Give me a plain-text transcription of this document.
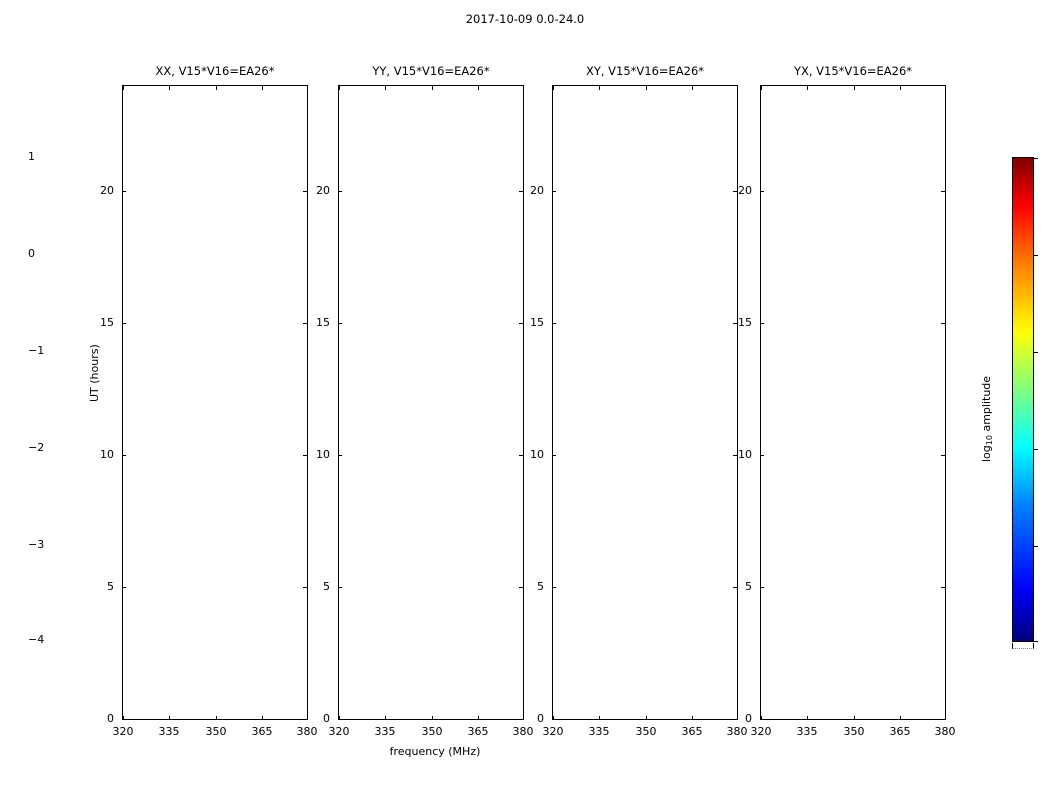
2017-10-09 0.0-24.0
XX, V15*V16=EA26*
320	335	350	365	380
0
5
10
15
20
YY, V15*V16=EA26*
320	335	350	365	380
0
5
10
15
20
XY, V15*V16=EA26*
320	335	350	365	380
0
5
10
15
20
YX, V15*V16=EA26*
320	335	350	365	380
0
5
10
15
20
UT (hours)
frequency (MHz)
1
0
−1
−2
−3
−4
$\log_{10}$ amplitude
